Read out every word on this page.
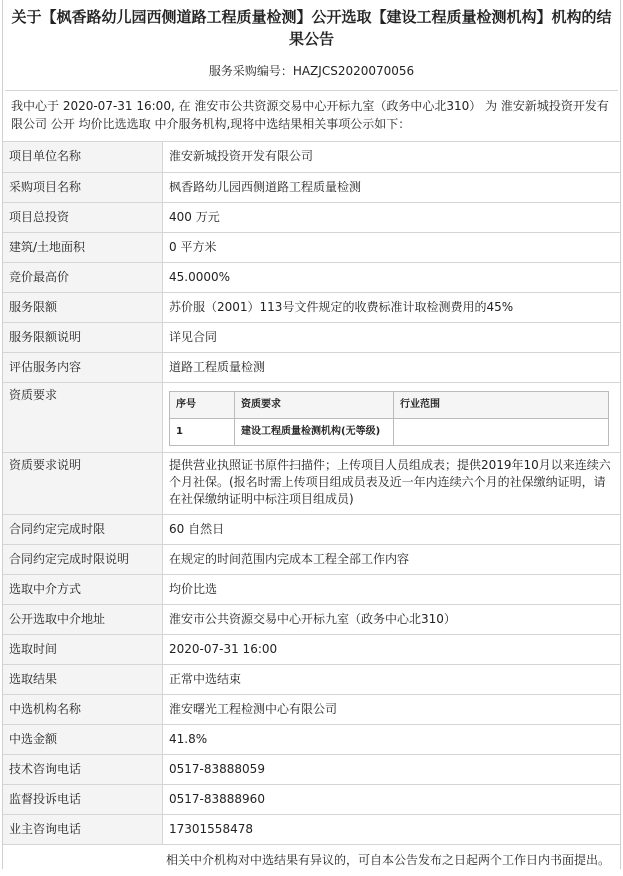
关于【枫香路幼儿园西侧道路工程质量检测】公开选取【建设工程质量检测机构】机构的结果公告
服务采购编号：HAZJCS2020070056
我中心于 2020-07-31 16:00, 在 淮安市公共资源交易中心开标九室（政务中心北310） 为 淮安新城投资开发有限公司 公开 均价比选选取 中介服务机构,现将中选结果相关事项公示如下：
项目单位名称	淮安新城投资开发有限公司
采购项目名称	枫香路幼儿园西侧道路工程质量检测
项目总投资	400 万元
建筑/土地面积	0 平方米
竞价最高价	45.0000%
服务限额	苏价服（2001）113号文件规定的收费标准计取检测费用的45%
服务限额说明	详见合同
评估服务内容	道路工程质量检测
资质要求	
序号	资质要求	行业范围
1	建设工程质量检测机构(无等级)	

资质要求说明	提供营业执照证书原件扫描件；上传项目人员组成表；提供2019年10月以来连续六个月社保。(报名时需上传项目组成员表及近一年内连续六个月的社保缴纳证明，请在社保缴纳证明中标注项目组成员)
合同约定完成时限	60 自然日
合同约定完成时限说明	在规定的时间范围内完成本工程全部工作内容
选取中介方式	均价比选
公开选取中介地址	淮安市公共资源交易中心开标九室（政务中心北310）
选取时间	2020-07-31 16:00
选取结果	正常中选结束
中选机构名称	淮安曙光工程检测中心有限公司
中选金额	41.8%
技术咨询电话	0517-83888059
监督投诉电话	0517-83888960
业主咨询电话	17301558478
相关中介机构对中选结果有异议的，可自本公告发布之日起两个工作日内书面提出。
